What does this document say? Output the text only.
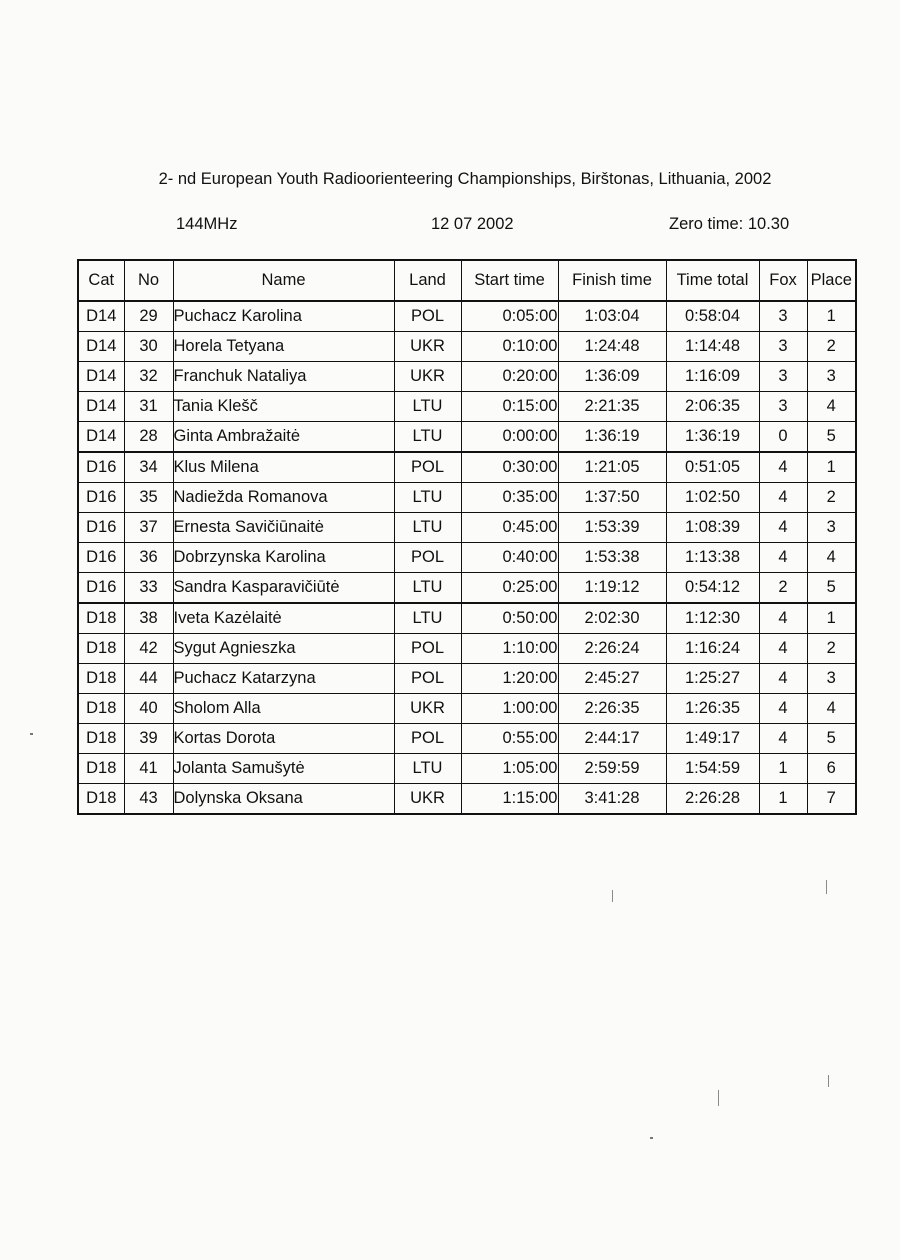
2- nd European Youth Radioorienteering Championships, Birštonas, Lithuania, 2002
144MHz	12 07 2002	Zero time: 10.30
Cat	No	Name	Land	Start time	Finish time	Time total	Fox	Place
D14	29	Puchacz Karolina	POL	0:05:00	1:03:04	0:58:04	3	1
D14	30	Horela Tetyana	UKR	0:10:00	1:24:48	1:14:48	3	2
D14	32	Franchuk Nataliya	UKR	0:20:00	1:36:09	1:16:09	3	3
D14	31	Tania Klešč	LTU	0:15:00	2:21:35	2:06:35	3	4
D14	28	Ginta Ambražaitė	LTU	0:00:00	1:36:19	1:36:19	0	5
D16	34	Klus Milena	POL	0:30:00	1:21:05	0:51:05	4	1
D16	35	Nadiežda Romanova	LTU	0:35:00	1:37:50	1:02:50	4	2
D16	37	Ernesta Savičiūnaitė	LTU	0:45:00	1:53:39	1:08:39	4	3
D16	36	Dobrzynska Karolina	POL	0:40:00	1:53:38	1:13:38	4	4
D16	33	Sandra Kasparavičiūtė	LTU	0:25:00	1:19:12	0:54:12	2	5
D18	38	Iveta Kazėlaitė	LTU	0:50:00	2:02:30	1:12:30	4	1
D18	42	Sygut Agnieszka	POL	1:10:00	2:26:24	1:16:24	4	2
D18	44	Puchacz Katarzyna	POL	1:20:00	2:45:27	1:25:27	4	3
D18	40	Sholom Alla	UKR	1:00:00	2:26:35	1:26:35	4	4
D18	39	Kortas Dorota	POL	0:55:00	2:44:17	1:49:17	4	5
D18	41	Jolanta Samušytė	LTU	1:05:00	2:59:59	1:54:59	1	6
D18	43	Dolynska Oksana	UKR	1:15:00	3:41:28	2:26:28	1	7
